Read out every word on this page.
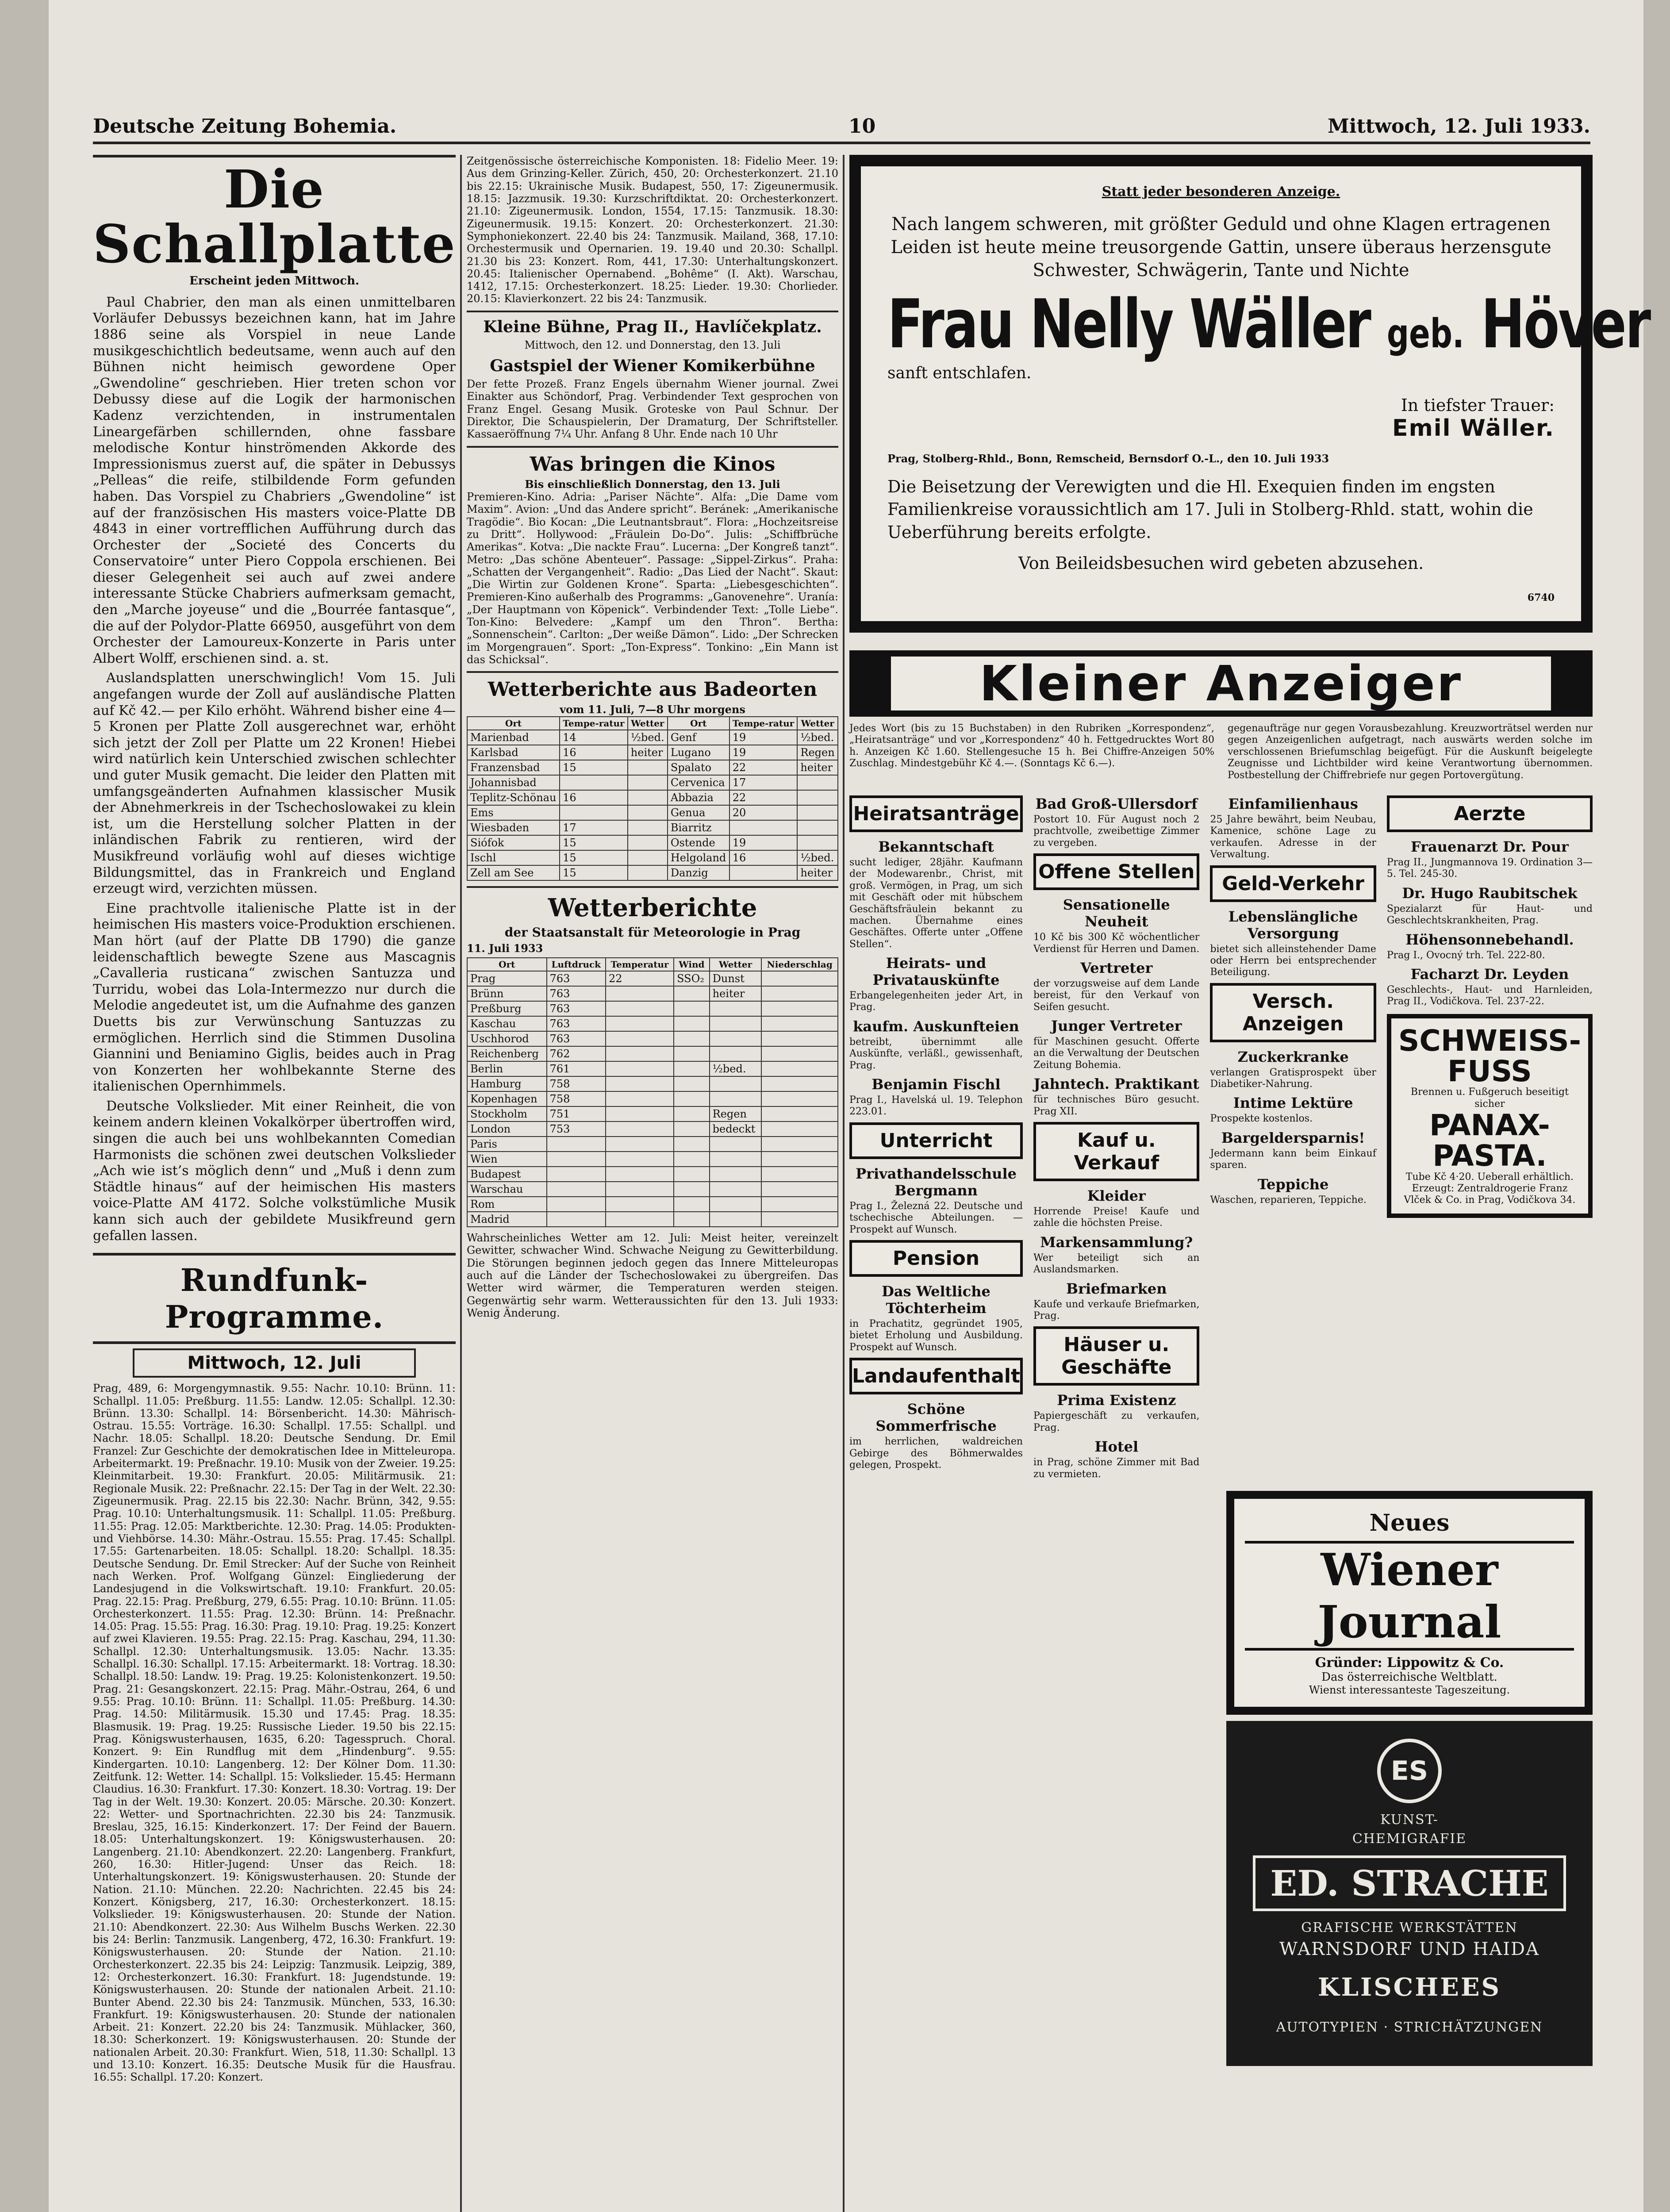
Deutsche Zeitung Bohemia.	10	Mittwoch, 12. Juli 1933.
Die Schallplatte
Erscheint jeden Mittwoch.

Paul Chabrier, den man als einen unmittelbaren Vorläufer Debussys bezeichnen kann, hat im Jahre 1886 seine als Vorspiel in neue Lande musikgeschichtlich bedeutsame, wenn auch auf den Bühnen nicht heimisch gewordene Oper „Gwendoline“ geschrieben. Hier treten schon vor Debussy diese auf die Logik der harmonischen Kadenz verzichtenden, in instrumentalen Lineargefärben schillernden, ohne fassbare melodische Kontur hinströmenden Akkorde des Impressionismus zuerst auf, die später in Debussys „Pelleas“ die reife, stilbildende Form gefunden haben. Das Vorspiel zu Chabriers „Gwendoline“ ist auf der französischen His masters voice-Platte DB 4843 in einer vortrefflichen Aufführung durch das Orchester der „Societé des Concerts du Conservatoire“ unter Piero Coppola erschienen. Bei dieser Gelegenheit sei auch auf zwei andere interessante Stücke Chabriers aufmerksam gemacht, den „Marche joyeuse“ und die „Bourrée fantasque“, die auf der Polydor-Platte 66950, ausgeführt von dem Orchester der Lamoureux-Konzerte in Paris unter Albert Wolff, erschienen sind. a. st.

Auslandsplatten unerschwinglich! Vom 15. Juli angefangen wurde der Zoll auf ausländische Platten auf Kč 42.— per Kilo erhöht. Während bisher eine 4—5 Kronen per Platte Zoll ausgerechnet war, erhöht sich jetzt der Zoll per Platte um 22 Kronen! Hiebei wird natürlich kein Unterschied zwischen schlechter und guter Musik gemacht. Die leider den Platten mit umfangsgeänderten Aufnahmen klassischer Musik der Abnehmerkreis in der Tschechoslowakei zu klein ist, um die Herstellung solcher Platten in der inländischen Fabrik zu rentieren, wird der Musikfreund vorläufig wohl auf dieses wichtige Bildungsmittel, das in Frankreich und England erzeugt wird, verzichten müssen.

Eine prachtvolle italienische Platte ist in der heimischen His masters voice-Produktion erschienen. Man hört (auf der Platte DB 1790) die ganze leidenschaftlich bewegte Szene aus Mascagnis „Cavalleria rusticana“ zwischen Santuzza und Turridu, wobei das Lola-Intermezzo nur durch die Melodie angedeutet ist, um die Aufnahme des ganzen Duetts bis zur Verwünschung Santuzzas zu ermöglichen. Herrlich sind die Stimmen Dusolina Giannini und Beniamino Giglis, beides auch in Prag von Konzerten her wohlbekannte Sterne des italienischen Opernhimmels.

Deutsche Volkslieder. Mit einer Reinheit, die von keinem andern kleinen Vokalkörper übertroffen wird, singen die auch bei uns wohlbekannten Comedian Harmonists die schönen zwei deutschen Volkslieder „Ach wie ist’s möglich denn“ und „Muß i denn zum Städtle hinaus“ auf der heimischen His masters voice-Platte AM 4172. Solche volkstümliche Musik kann sich auch der gebildete Musikfreund gern gefallen lassen.

Rundfunk-Programme.
Mittwoch, 12. Juli
Prag, 489, 6: Morgengymnastik. 9.55: Nachr. 10.10: Brünn. 11: Schallpl. 11.05: Preßburg. 11.55: Landw. 12.05: Schallpl. 12.30: Brünn. 13.30: Schallpl. 14: Börsenbericht. 14.30: Mährisch-Ostrau. 15.55: Vorträge. 16.30: Schallpl. 17.55: Schallpl. und Nachr. 18.05: Schallpl. 18.20: Deutsche Sendung. Dr. Emil Franzel: Zur Geschichte der demokratischen Idee in Mitteleuropa. Arbeitermarkt. 19: Preßnachr. 19.10: Musik von der Zweier. 19.25: Kleinmitarbeit. 19.30: Frankfurt. 20.05: Militärmusik. 21: Regionale Musik. 22: Preßnachr. 22.15: Der Tag in der Welt. 22.30: Zigeunermusik. Prag. 22.15 bis 22.30: Nachr. Brünn, 342, 9.55: Prag. 10.10: Unterhaltungsmusik. 11: Schallpl. 11.05: Preßburg. 11.55: Prag. 12.05: Marktberichte. 12.30: Prag. 14.05: Produkten- und Viehbörse. 14.30: Mähr.-Ostrau. 15.55: Prag. 17.45: Schallpl. 17.55: Gartenarbeiten. 18.05: Schallpl. 18.20: Schallpl. 18.35: Deutsche Sendung. Dr. Emil Strecker: Auf der Suche von Reinheit nach Werken. Prof. Wolfgang Günzel: Eingliederung der Landesjugend in die Volkswirtschaft. 19.10: Frankfurt. 20.05: Prag. 22.15: Prag. Preßburg, 279, 6.55: Prag. 10.10: Brünn. 11.05: Orchesterkonzert. 11.55: Prag. 12.30: Brünn. 14: Preßnachr. 14.05: Prag. 15.55: Prag. 16.30: Prag. 19.10: Prag. 19.25: Konzert auf zwei Klavieren. 19.55: Prag. 22.15: Prag. Kaschau, 294, 11.30: Schallpl. 12.30: Unterhaltungsmusik. 13.05: Nachr. 13.35: Schallpl. 16.30: Schallpl. 17.15: Arbeitermarkt. 18: Vortrag. 18.30: Schallpl. 18.50: Landw. 19: Prag. 19.25: Kolonistenkonzert. 19.50: Prag. 21: Gesangskonzert. 22.15: Prag. Mähr.-Ostrau, 264, 6 und 9.55: Prag. 10.10: Brünn. 11: Schallpl. 11.05: Preßburg. 14.30: Prag. 14.50: Militärmusik. 15.30 und 17.45: Prag. 18.35: Blasmusik. 19: Prag. 19.25: Russische Lieder. 19.50 bis 22.15: Prag. Königswusterhausen, 1635, 6.20: Tagesspruch. Choral. Konzert. 9: Ein Rundflug mit dem „Hindenburg“. 9.55: Kindergarten. 10.10: Langenberg. 12: Der Kölner Dom. 11.30: Zeitfunk. 12: Wetter. 14: Schallpl. 15: Volkslieder. 15.45: Hermann Claudius. 16.30: Frankfurt. 17.30: Konzert. 18.30: Vortrag. 19: Der Tag in der Welt. 19.30: Konzert. 20.05: Märsche. 20.30: Konzert. 22: Wetter- und Sportnachrichten. 22.30 bis 24: Tanzmusik. Breslau, 325, 16.15: Kinderkonzert. 17: Der Feind der Bauern. 18.05: Unterhaltungskonzert. 19: Königswusterhausen. 20: Langenberg. 21.10: Abendkonzert. 22.20: Langenberg. Frankfurt, 260, 16.30: Hitler-Jugend: Unser das Reich. 18: Unterhaltungskonzert. 19: Königswusterhausen. 20: Stunde der Nation. 21.10: München. 22.20: Nachrichten. 22.45 bis 24: Konzert. Königsberg, 217, 16.30: Orchesterkonzert. 18.15: Volkslieder. 19: Königswusterhausen. 20: Stunde der Nation. 21.10: Abendkonzert. 22.30: Aus Wilhelm Buschs Werken. 22.30 bis 24: Berlin: Tanzmusik. Langenberg, 472, 16.30: Frankfurt. 19: Königswusterhausen. 20: Stunde der Nation. 21.10: Orchesterkonzert. 22.35 bis 24: Leipzig: Tanzmusik. Leipzig, 389, 12: Orchesterkonzert. 16.30: Frankfurt. 18: Jugendstunde. 19: Königswusterhausen. 20: Stunde der nationalen Arbeit. 21.10: Bunter Abend. 22.30 bis 24: Tanzmusik. München, 533, 16.30: Frankfurt. 19: Königswusterhausen. 20: Stunde der nationalen Arbeit. 21: Konzert. 22.20 bis 24: Tanzmusik. Mühlacker, 360, 18.30: Scherkonzert. 19: Königswusterhausen. 20: Stunde der nationalen Arbeit. 20.30: Frankfurt. Wien, 518, 11.30: Schallpl. 13 und 13.10: Konzert. 16.35: Deutsche Musik für die Hausfrau. 16.55: Schallpl. 17.20: Konzert.
Zeitgenössische österreichische Komponisten. 18: Fidelio Meer. 19: Aus dem Grinzing-Keller. Zürich, 450, 20: Orchesterkonzert. 21.10 bis 22.15: Ukrainische Musik. Budapest, 550, 17: Zigeunermusik. 18.15: Jazzmusik. 19.30: Kurzschriftdiktat. 20: Orchesterkonzert. 21.10: Zigeunermusik. London, 1554, 17.15: Tanzmusik. 18.30: Zigeunermusik. 19.15: Konzert. 20: Orchesterkonzert. 21.30: Symphoniekonzert. 22.40 bis 24: Tanzmusik. Mailand, 368, 17.10: Orchestermusik und Opernarien. 19. 19.40 und 20.30: Schallpl. 21.30 bis 23: Konzert. Rom, 441, 17.30: Unterhaltungskonzert. 20.45: Italienischer Opernabend. „Bohême“ (I. Akt). Warschau, 1412, 17.15: Orchesterkonzert. 18.25: Lieder. 19.30: Chorlieder. 20.15: Klavierkonzert. 22 bis 24: Tanzmusik.
Kleine Bühne, Prag II., Havlíčekplatz.
Mittwoch, den 12. und Donnerstag, den 13. Juli
Gastspiel der Wiener Komikerbühne
Der fette Prozeß. Franz Engels übernahm Wiener journal. Zwei Einakter aus Schöndorf, Prag. Verbindender Text gesprochen von Franz Engel. Gesang Musik. Groteske von Paul Schnur. Der Direktor, Die Schauspielerin, Der Dramaturg, Der Schriftsteller. Kassaeröffnung 7¼ Uhr. Anfang 8 Uhr. Ende nach 10 Uhr
Was bringen die Kinos
Bis einschließlich Donnerstag, den 13. Juli
Premieren-Kino. Adria: „Pariser Nächte“. Alfa: „Die Dame vom Maxim“. Avion: „Und das Andere spricht“. Beránek: „Amerikanische Tragödie“. Bio Kocan: „Die Leutnantsbraut“. Flora: „Hochzeitsreise zu Dritt“. Hollywood: „Fräulein Do-Do“. Julis: „Schiffbrüche Amerikas“. Kotva: „Die nackte Frau“. Lucerna: „Der Kongreß tanzt“. Metro: „Das schöne Abenteuer“. Passage: „Sippel-Zirkus“. Praha: „Schatten der Vergangenheit“. Radio: „Das Lied der Nacht“. Skaut: „Die Wirtin zur Goldenen Krone“. Sparta: „Liebesgeschichten“. Premieren-Kino außerhalb des Programms: „Ganovenehre“. Uranía: „Der Hauptmann von Köpenick“. Verbindender Text: „Tolle Liebe“. Ton-Kino: Belvedere: „Kampf um den Thron“. Bertha: „Sonnenschein“. Carlton: „Der weiße Dämon“. Lido: „Der Schrecken im Morgengrauen“. Sport: „Ton-Express“. Tonkino: „Ein Mann ist das Schicksal“.
Wetterberichte aus Badeorten
vom 11. Juli, 7—8 Uhr morgens
Ort	Tempe-ratur	Wetter	Ort	Tempe-ratur	Wetter
Marienbad	14	½bed.	Genf	19	½bed.
Karlsbad	16	heiter	Lugano	19	Regen
Franzensbad	15		Spalato	22	heiter
Johannisbad			Cervenica	17	
Teplitz-Schönau	16		Abbazia	22	
Ems			Genua	20	
Wiesbaden	17		Biarritz		
Siófok	15		Ostende	19	
Ischl	15		Helgoland	16	½bed.
Zell am See	15		Danzig		heiter
Wetterberichte
der Staatsanstalt für Meteorologie in Prag
11. Juli 1933
Ort	Luftdruck	Temperatur	Wind	Wetter	Niederschlag
Prag	763	22	SSO₂	Dunst	
Brünn	763			heiter	
Preßburg	763				
Kaschau	763				
Uschhorod	763				
Reichenberg	762				
Berlin	761			½bed.	
Hamburg	758				
Kopenhagen	758				
Stockholm	751			Regen	
London	753			bedeckt	
Paris					
Wien					
Budapest					
Warschau					
Rom					
Madrid					
Wahrscheinliches Wetter am 12. Juli: Meist heiter, vereinzelt Gewitter, schwacher Wind. Schwache Neigung zu Gewitterbildung. Die Störungen beginnen jedoch gegen das Innere Mitteleuropas auch auf die Länder der Tschechoslowakei zu übergreifen. Das Wetter wird wärmer, die Temperaturen werden steigen. Gegenwärtig sehr warm. Wetteraussichten für den 13. Juli 1933: Wenig Änderung.
Statt jeder besonderen Anzeige.
Nach langem schweren, mit größter Geduld und ohne Klagen ertragenen Leiden ist heute meine treusorgende Gattin, unsere überaus herzensgute Schwester, Schwägerin, Tante und Nichte
Frau Nelly Wäller geb. Höver
sanft entschlafen.
In tiefster Trauer:
Emil Wäller.
Prag, Stolberg-Rhld., Bonn, Remscheid, Bernsdorf O.-L., den 10. Juli 1933
Die Beisetzung der Verewigten und die Hl. Exequien finden im engsten Familienkreise voraussichtlich am 17. Juli in Stolberg-Rhld. statt, wohin die Ueberführung bereits erfolgte.
Von Beileidsbesuchen wird gebeten abzusehen.
6740
Kleiner Anzeiger
Jedes Wort (bis zu 15 Buchstaben) in den Rubriken „Korrespondenz“, „Heiratsanträge“ und vor „Korrespondenz“ 40 h. Fettgedrucktes Wort 80 h. Anzeigen Kč 1.60. Stellengesuche 15 h. Bei Chiffre-Anzeigen 50% Zuschlag. Mindestgebühr Kč 4.—. (Sonntags Kč 6.—).
gegenaufträge nur gegen Vorausbezahlung. Kreuzworträtsel werden nur gegen Anzeigenlichen aufgetragt, nach auswärts werden solche im verschlossenen Briefumschlag beigefügt. Für die Auskunft beigelegte Zeugnisse und Lichtbilder wird keine Verantwortung übernommen. Postbestellung der Chiffrebriefe nur gegen Portovergütung.
Heiratsanträge
Bekanntschaft
sucht lediger, 28jähr. Kaufmann der Modewarenbr., Christ, mit groß. Vermögen, in Prag, um sich mit Geschäft oder mit hübschem Geschäftsfräulein bekannt zu machen. Übernahme eines Geschäftes. Offerte unter „Offene Stellen“.
Heirats- und Privatauskünfte
Erbangelegenheiten jeder Art, in Prag.
kaufm. Auskunfteien
betreibt, übernimmt alle Auskünfte, verläßl., gewissenhaft, Prag.
Benjamin Fischl
Prag I., Havelská ul. 19. Telephon 223.01.
Unterricht
Privathandelsschule Bergmann
Prag I., Železná 22. Deutsche und tschechische Abteilungen. — Prospekt auf Wunsch.
Pension
Das Weltliche Töchterheim
in Prachatitz, gegründet 1905, bietet Erholung und Ausbildung. Prospekt auf Wunsch.
Landaufenthalt
Schöne Sommerfrische
im herrlichen, waldreichen Gebirge des Böhmerwaldes gelegen, Prospekt.
Bad Groß-Ullersdorf
Postort 10. Für August noch 2 prachtvolle, zweibettige Zimmer zu vergeben.
Offene Stellen
Sensationelle Neuheit
10 Kč bis 300 Kč wöchentlicher Verdienst für Herren und Damen.
Vertreter
der vorzugsweise auf dem Lande bereist, für den Verkauf von Seifen gesucht.
Junger Vertreter
für Maschinen gesucht. Offerte an die Verwaltung der Deutschen Zeitung Bohemia.
Jahntech. Praktikant
für technisches Büro gesucht. Prag XII.
Kauf u. Verkauf
Kleider
Horrende Preise! Kaufe und zahle die höchsten Preise.
Markensammlung?
Wer beteiligt sich an Auslandsmarken.
Briefmarken
Kaufe und verkaufe Briefmarken, Prag.
Häuser u. Geschäfte
Prima Existenz
Papiergeschäft zu verkaufen, Prag.
Hotel
in Prag, schöne Zimmer mit Bad zu vermieten.
Einfamilienhaus
25 Jahre bewährt, beim Neubau, Kamenice, schöne Lage zu verkaufen. Adresse in der Verwaltung.
Geld-Verkehr
Lebenslängliche Versorgung
bietet sich alleinstehender Dame oder Herrn bei entsprechender Beteiligung.
Versch. Anzeigen
Zuckerkranke
verlangen Gratisprospekt über Diabetiker-Nahrung.
Intime Lektüre
Prospekte kostenlos.
Bargeldersparnis!
Jedermann kann beim Einkauf sparen.
Teppiche
Waschen, reparieren, Teppiche.
Aerzte
Frauenarzt Dr. Pour
Prag II., Jungmannova 19. Ordination 3—5. Tel. 245-30.
Dr. Hugo Raubitschek
Spezialarzt für Haut- und Geschlechtskrankheiten, Prag.
Höhensonnebehandl.
Prag I., Ovocný trh. Tel. 222-80.
Facharzt Dr. Leyden
Geschlechts-, Haut- und Harnleiden, Prag II., Vodičkova. Tel. 237-22.
SCHWEISS-
FUSS
Brennen u. Fußgeruch beseitigt sicher
PANAX-
PASTA.
Tube Kč 4·20. Ueberall erhältlich.
Erzeugt: Zentraldrogerie Franz Vlček & Co. in Prag, Vodičkova 34.
Neues
Wiener Journal
Gründer: Lippowitz & Co.
Das österreichische Weltblatt.
Wienst interessanteste Tageszeitung.
ES
KUNST-
CHEMIGRAFIE
ED. STRACHE
GRAFISCHE WERKSTÄTTEN
WARNSDORF UND HAIDA
KLISCHEES
AUTOTYPIEN · STRICHÄTZUNGEN
